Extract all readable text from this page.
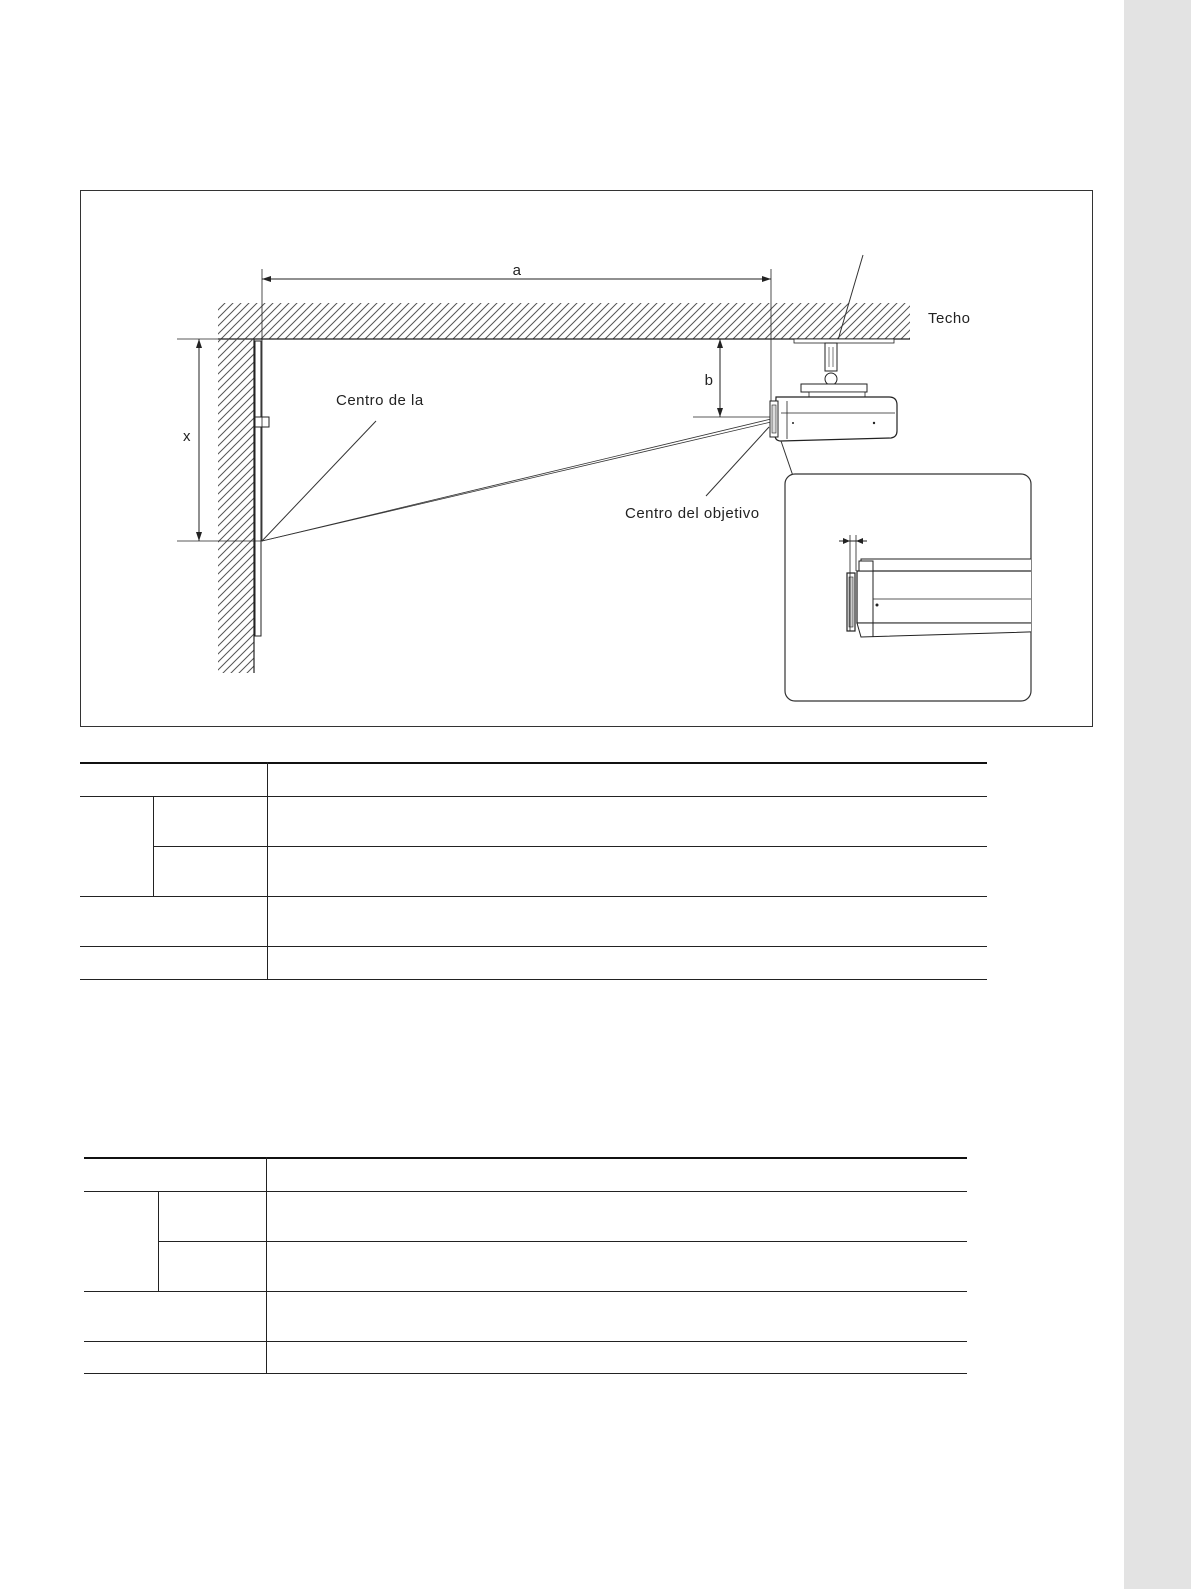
a
x
b
Centro de la
Centro del objetivo
Techo
